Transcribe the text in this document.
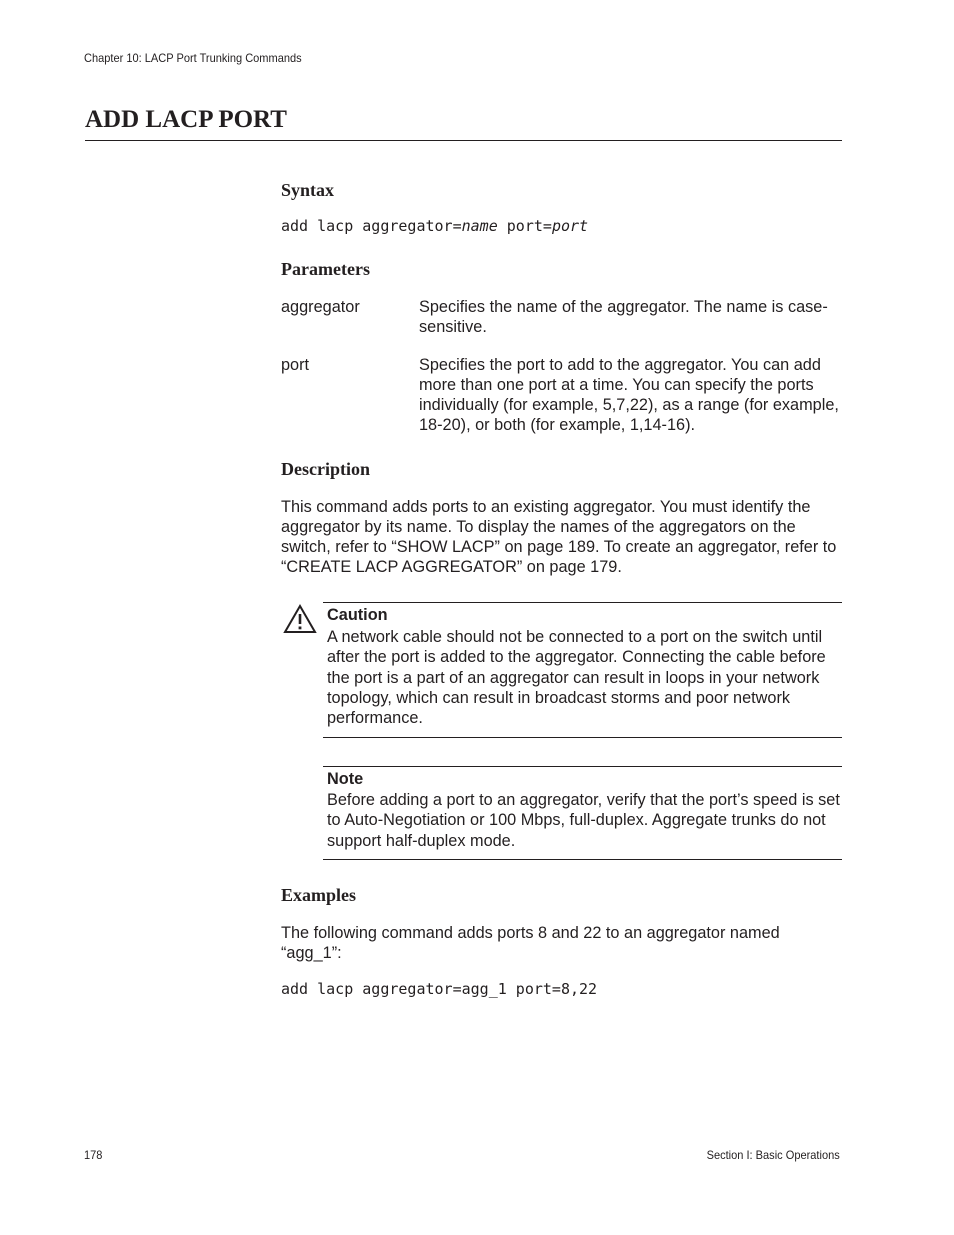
Chapter 10: LACP Port Trunking Commands
ADD LACP PORT
Syntax
add lacp aggregator=name port=port
Parameters
aggregator	Specifies the name of the aggregator. The name is case-sensitive.
port	Specifies the port to add to the aggregator. You can add more than one port at a time. You can specify the ports individually (for example, 5,7,22), as a range (for example, 18-20), or both (for example, 1,14-16).
Description
This command adds ports to an existing aggregator. You must identify the aggregator by its name. To display the names of the aggregators on the switch, refer to “SHOW LACP” on page 189. To create an aggregator, refer to “CREATE LACP AGGREGATOR” on page 179.
Caution
A network cable should not be connected to a port on the switch until after the port is added to the aggregator. Connecting the cable before the port is a part of an aggregator can result in loops in your network topology, which can result in broadcast storms and poor network performance.
Note
Before adding a port to an aggregator, verify that the port’s speed is set to Auto-Negotiation or 100 Mbps, full-duplex. Aggregate trunks do not support half-duplex mode.
Examples
The following command adds ports 8 and 22 to an aggregator named “agg_1”:
add lacp aggregator=agg_1 port=8,22
178	Section I: Basic Operations
